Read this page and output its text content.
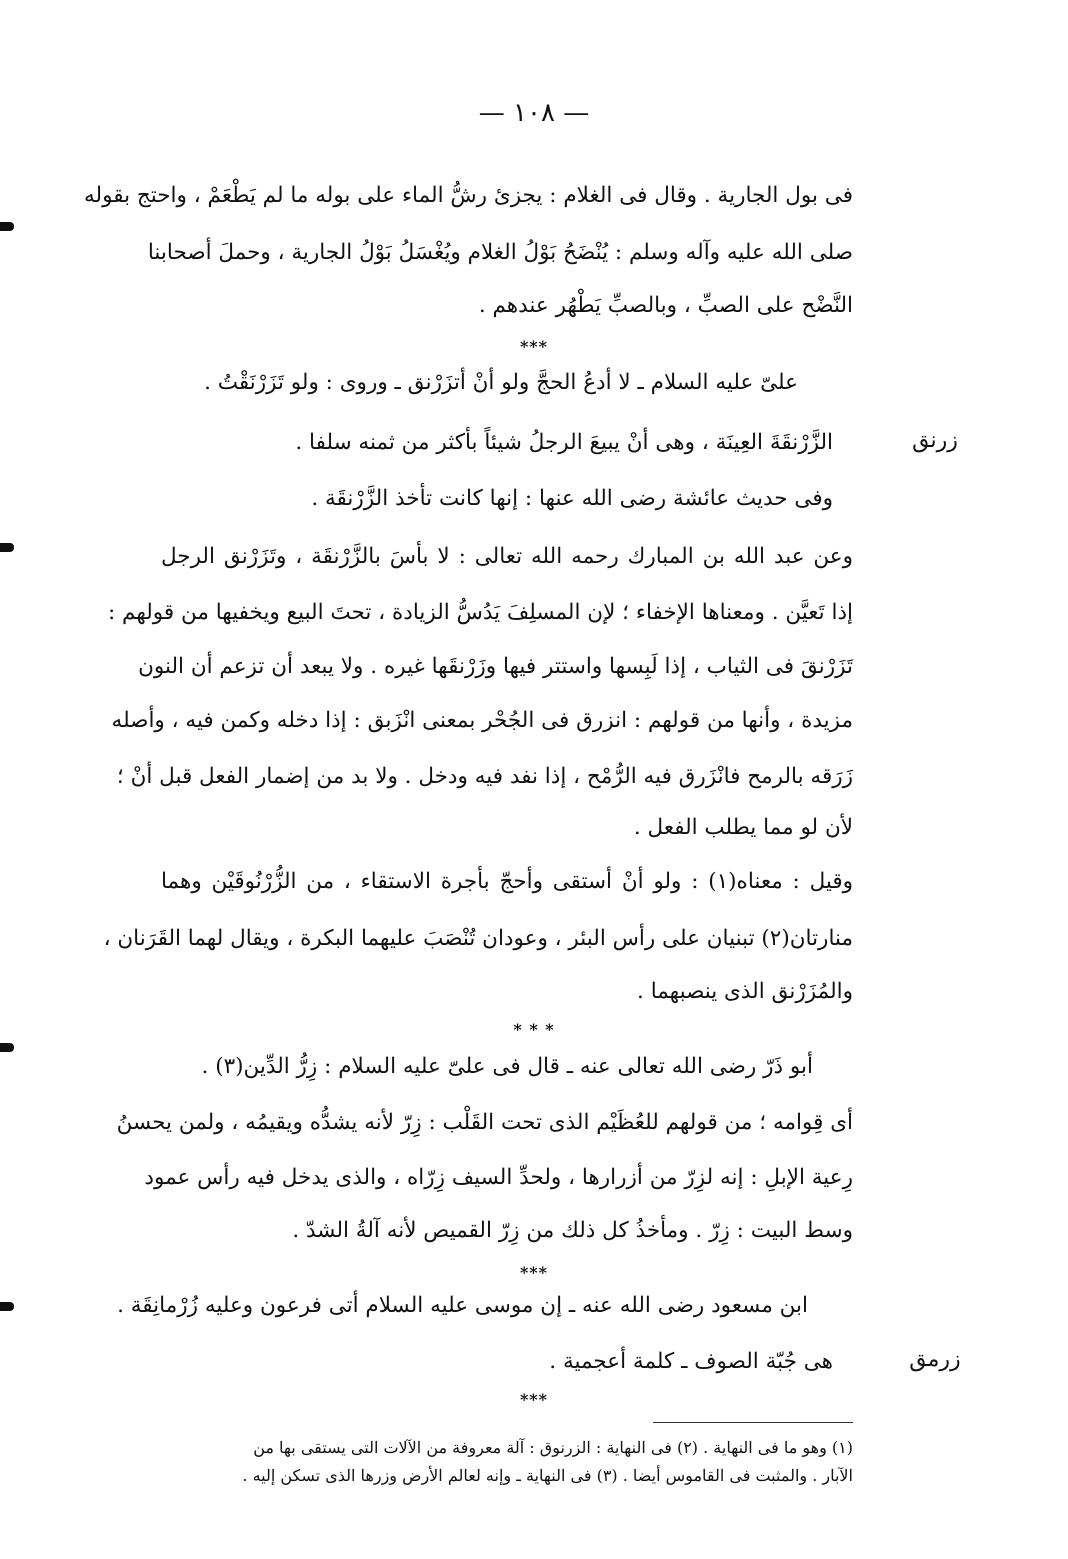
— ١٠٨ —
فى بول الجارية . وقال فى الغلام : يجزئ رشُّ الماء على بوله ما لم يَطْعَمْ ، واحتج بقوله
صلى الله عليه وآله وسلم : يُنْضَحُ بَوْلُ الغلام ويُغْسَلُ بَوْلُ الجارية ، وحملَ أصحابنا
النَّضْح على الصبِّ ، وبالصبِّ يَطْهُر عندهم .
***
علىّ عليه السلام ـ لا أدعُ الحجَّ ولو أنْ أتزَرْنق ـ وروى : ولو تَزَرْنَقْتُ .
زرنق
الزَّرْنقَةَ العِينَة ، وهى أنْ يبيعَ الرجلُ شيئاً بأكثر من ثمنه سلفا .
وفى حديث عائشة رضى الله عنها : إنها كانت تأخذ الزَّرْنقَة .
وعن عبد الله بن المبارك رحمه الله تعالى : لا بأسَ بالزَّرْنقَة ، وتَزَرْنق الرجل
إذا تَعيَّن . ومعناها الإخفاء ؛ لإن المسلِفَ يَدُسُّ الزيادة ، تحتَ البيع ويخفيها من قولهم :
تَزَرْنقَ فى الثياب ، إذا لَبِسها واستتر فيها وزَرْنقَها غيره . ولا يبعد أن تزعم أن النون
مزيدة ، وأنها من قولهم : انزرق فى الجُحْر بمعنى انْزَبق : إذا دخله وكمن فيه ، وأصله
زَرَقه بالرمح فانْزَرق فيه الرُّمْح ، إذا نفد فيه ودخل . ولا بد من إضمار الفعل قبل أنْ ؛
لأن لو مما يطلب الفعل .
وقيل : معناه(١) : ولو أنْ أستقى وأحجّ بأجرة الاستقاء ، من الزُّرْنُوقَيْن وهما
منارتان(٢) تبنيان على رأس البئر ، وعودان تُنْصَبَ عليهما البكرة ، ويقال لهما القَرَنان ،
والمُزَرْنق الذى ينصبهما .
* * *
أبو ذَرّ رضى الله تعالى عنه ـ قال فى علىّ عليه السلام : زِرُّ الدِّين(٣) .
أى قِوامه ؛ من قولهم للعُظَيْم الذى تحت القَلْب : زِرّ لأنه يشدُّه ويقيمُه ، ولمن يحسنُ
رِعية الإبلِ : إنه لزِرّ من أزرارها ، ولحدِّ السيف زِرّاه ، والذى يدخل فيه رأس عمود
وسط البيت : زِرّ . ومأخذُ كل ذلك من زِرّ القميص لأنه آلةُ الشدّ .
***
ابن مسعود رضى الله عنه ـ إن موسى عليه السلام أتى فرعون وعليه زُرْمانِقَة .
زرمق
هى جُبّة الصوف ـ كلمة أعجمية .
***
(١) وهو ما فى النهاية . (٢) فى النهاية : الزرنوق : آلة معروفة من الآلات التى يستقى بها من
الآبار . والمثبت فى القاموس أيضا . (٣) فى النهاية ـ وإنه لعالم الأرض وزرها الذى تسكن إليه .
